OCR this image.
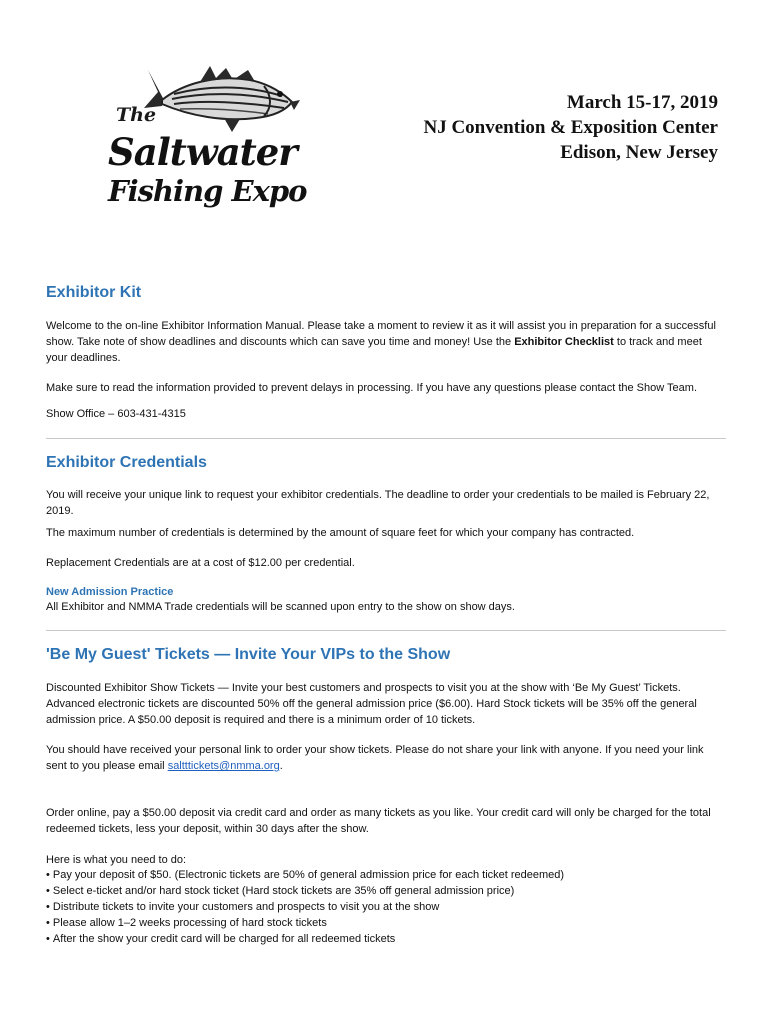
The
Saltwater
Fishing Expo
March 15-17, 2019
NJ Convention & Exposition Center
Edison, New Jersey
Exhibitor Kit

Welcome to the on-line Exhibitor Information Manual. Please take a moment to review it as it will assist you in preparation for a successful show. Take note of show deadlines and discounts which can save you time and money! Use the Exhibitor Checklist to track and meet your deadlines.

Make sure to read the information provided to prevent delays in processing. If you have any questions please contact the Show Team.

Show Office – 603-431-4315

Exhibitor Credentials

You will receive your unique link to request your exhibitor credentials. The deadline to order your credentials to be mailed is February 22, 2019.

The maximum number of credentials is determined by the amount of square feet for which your company has contracted.

Replacement Credentials are at a cost of $12.00 per credential.

New Admission Practice

All Exhibitor and NMMA Trade credentials will be scanned upon entry to the show on show days.

'Be My Guest' Tickets — Invite Your VIPs to the Show

Discounted Exhibitor Show Tickets — Invite your best customers and prospects to visit you at the show with ‘Be My Guest’ Tickets. Advanced electronic tickets are discounted 50% off the general admission price ($6.00). Hard Stock tickets will be 35% off the general admission price. A $50.00 deposit is required and there is a minimum order of 10 tickets.

You should have received your personal link to order your show tickets. Please do not share your link with anyone. If you need your link sent to you please email saltttickets@nmma.org.

Order online, pay a $50.00 deposit via credit card and order as many tickets as you like. Your credit card will only be charged for the total redeemed tickets, less your deposit, within 30 days after the show.

Here is what you need to do:

• Pay your deposit of $50. (Electronic tickets are 50% of general admission price for each ticket redeemed)
• Select e-ticket and/or hard stock ticket (Hard stock tickets are 35% off general admission price)
• Distribute tickets to invite your customers and prospects to visit you at the show
• Please allow 1–2 weeks processing of hard stock tickets
• After the show your credit card will be charged for all redeemed tickets
